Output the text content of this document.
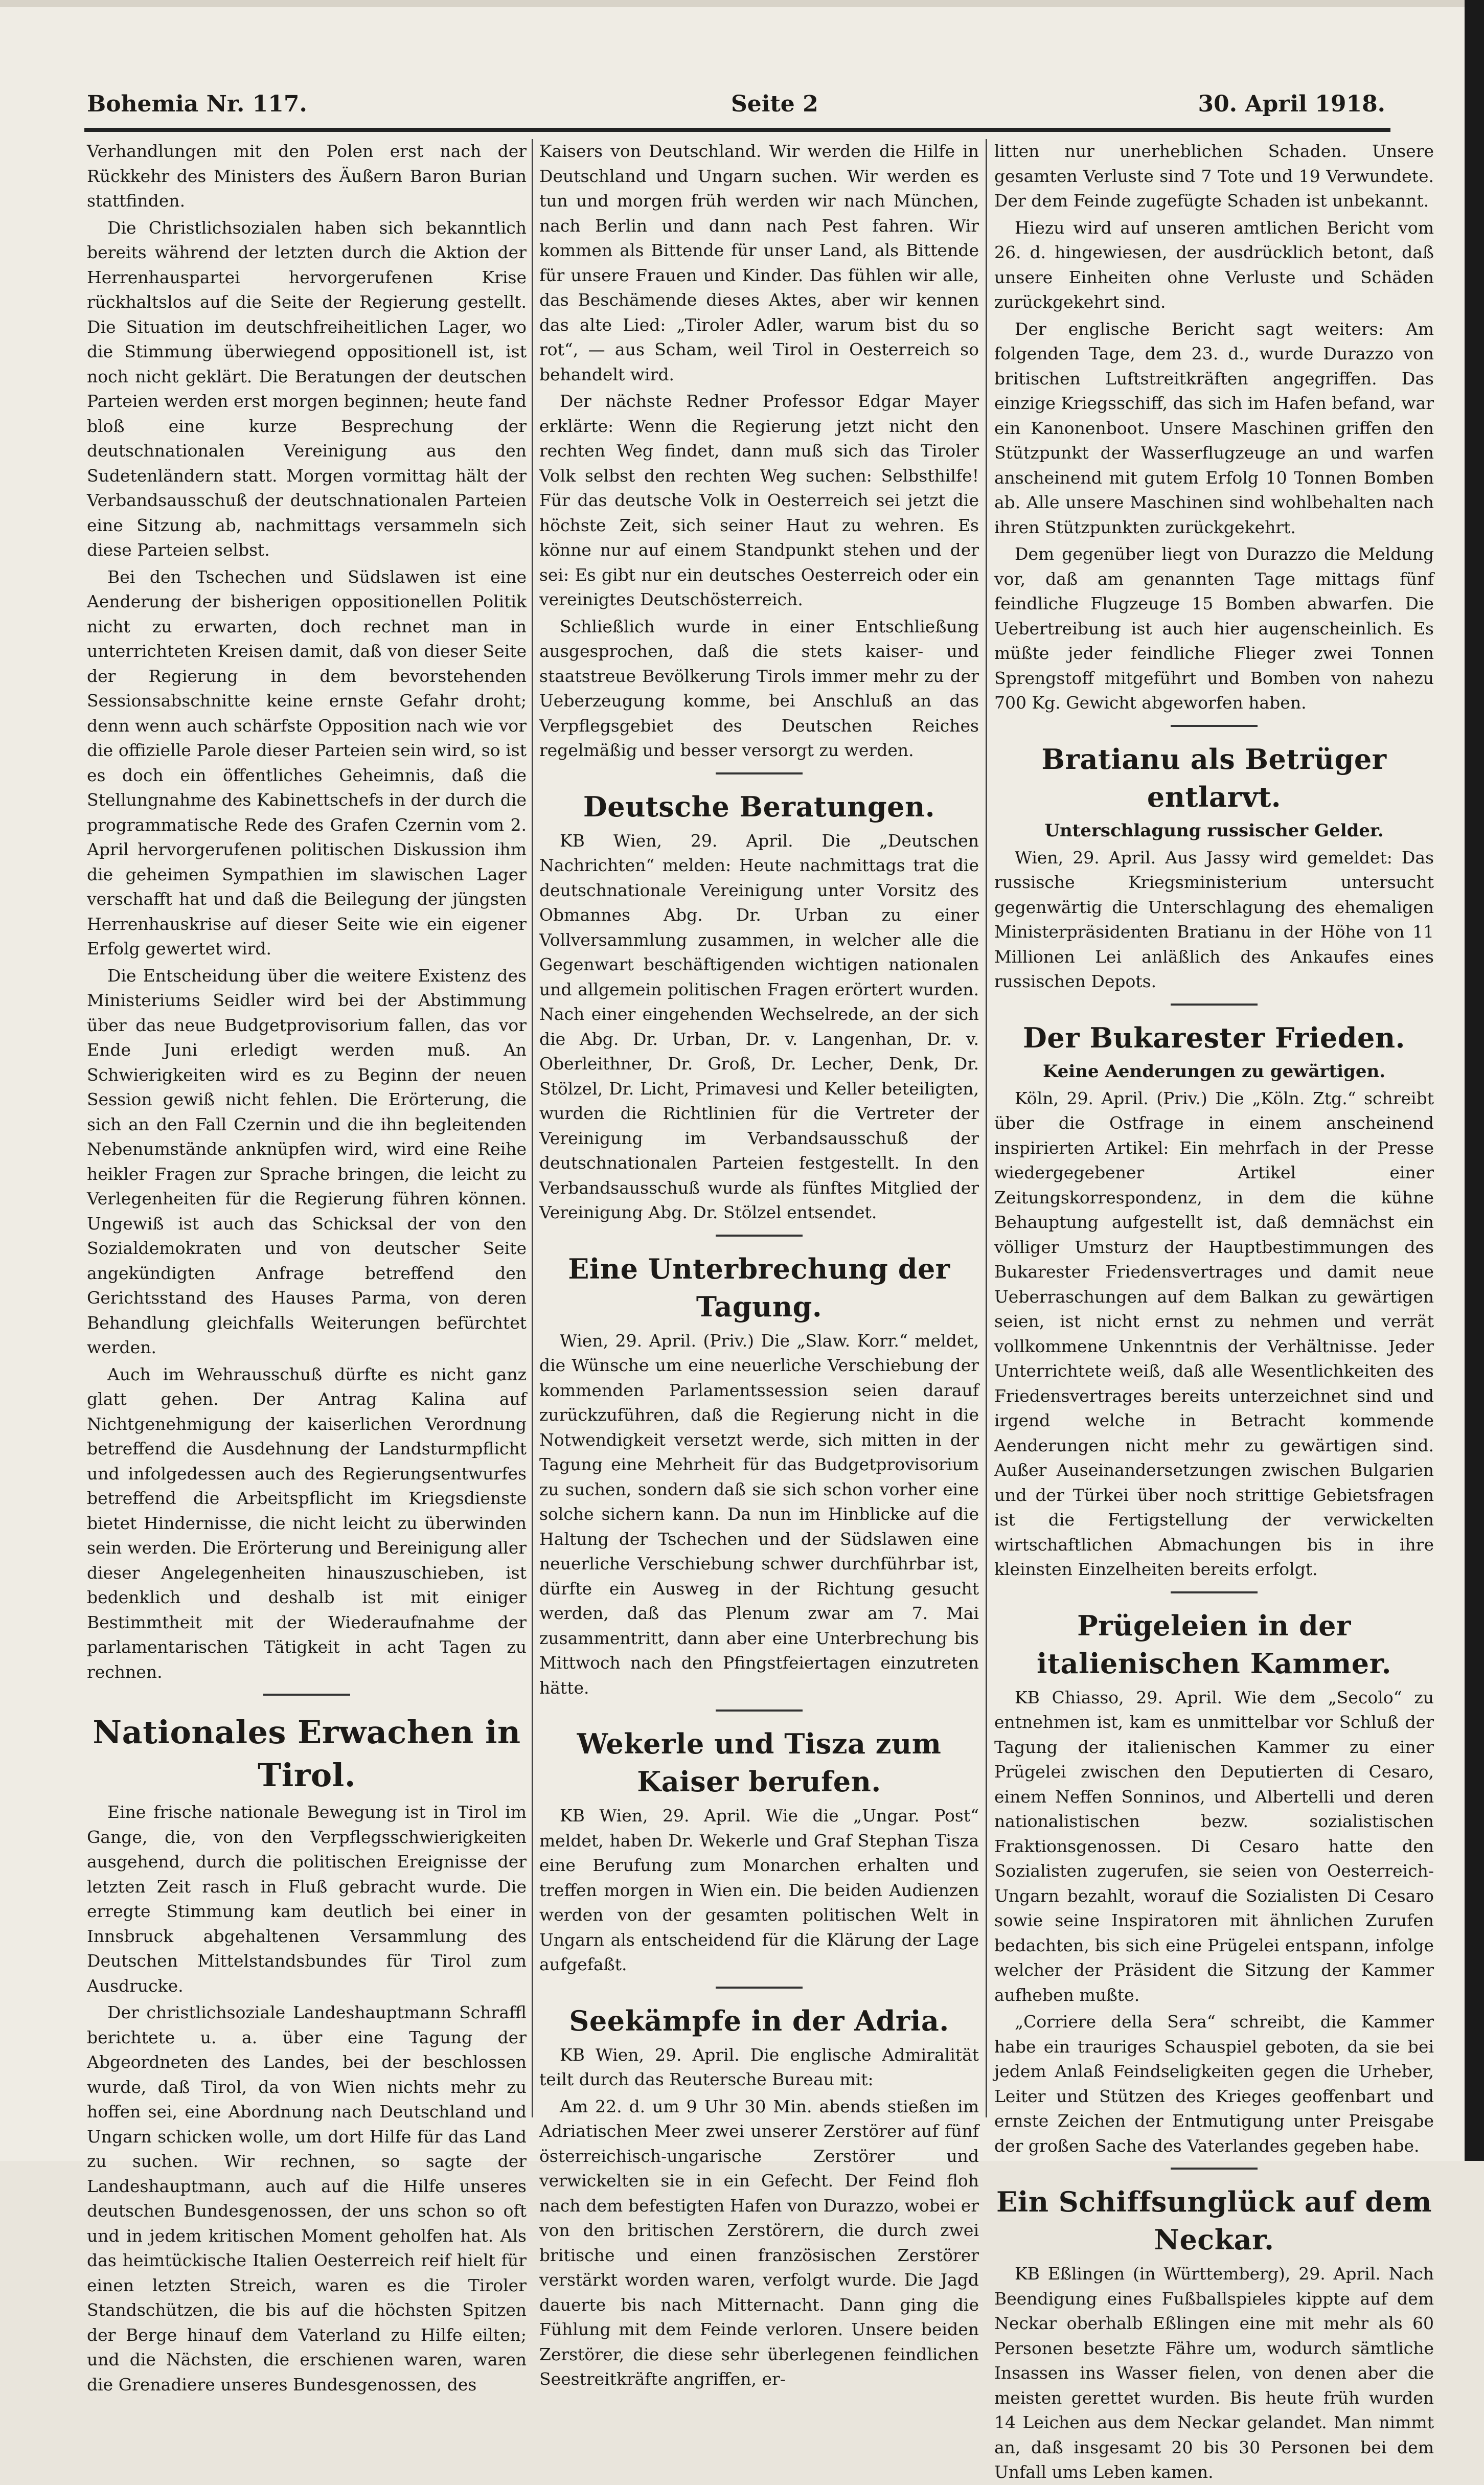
Bohemia Nr. 117.	Seite 2	30. April 1918.

Verhandlungen mit den Polen erst nach der Rückkehr des Ministers des Äußern Baron Burian stattfinden.

Die Christlichsozialen haben sich bekanntlich bereits während der letzten durch die Aktion der Herrenhauspartei hervorgerufenen Krise rückhaltslos auf die Seite der Regierung gestellt. Die Situation im deutschfreiheitlichen Lager, wo die Stimmung überwiegend oppositionell ist, ist noch nicht geklärt. Die Beratungen der deutschen Parteien werden erst morgen beginnen; heute fand bloß eine kurze Besprechung der deutschnationalen Vereinigung aus den Sudetenländern statt. Morgen vormittag hält der Verbandsausschuß der deutschnationalen Parteien eine Sitzung ab, nachmittags versammeln sich diese Parteien selbst.

Bei den Tschechen und Südslawen ist eine Aenderung der bisherigen oppositionellen Politik nicht zu erwarten, doch rechnet man in unterrichteten Kreisen damit, daß von dieser Seite der Regierung in dem bevorstehenden Sessionsabschnitte keine ernste Gefahr droht; denn wenn auch schärfste Opposition nach wie vor die offizielle Parole dieser Parteien sein wird, so ist es doch ein öffentliches Geheimnis, daß die Stellungnahme des Kabinettschefs in der durch die programmatische Rede des Grafen Czernin vom 2. April hervorgerufenen politischen Diskussion ihm die geheimen Sympathien im slawischen Lager verschafft hat und daß die Beilegung der jüngsten Herrenhauskrise auf dieser Seite wie ein eigener Erfolg gewertet wird.

Die Entscheidung über die weitere Existenz des Ministeriums Seidler wird bei der Abstimmung über das neue Budgetprovisorium fallen, das vor Ende Juni erledigt werden muß. An Schwierigkeiten wird es zu Beginn der neuen Session gewiß nicht fehlen. Die Erörterung, die sich an den Fall Czernin und die ihn begleitenden Nebenumstände anknüpfen wird, wird eine Reihe heikler Fragen zur Sprache bringen, die leicht zu Verlegenheiten für die Regierung führen können. Ungewiß ist auch das Schicksal der von den Sozialdemokraten und von deutscher Seite angekündigten Anfrage betreffend den Gerichtsstand des Hauses Parma, von deren Behandlung gleichfalls Weiterungen befürchtet werden.

Auch im Wehrausschuß dürfte es nicht ganz glatt gehen. Der Antrag Kalina auf Nichtgenehmigung der kaiserlichen Verordnung betreffend die Ausdehnung der Landsturmpflicht und infolgedessen auch des Regierungsentwurfes betreffend die Arbeitspflicht im Kriegsdienste bietet Hindernisse, die nicht leicht zu überwinden sein werden. Die Erörterung und Bereinigung aller dieser Angelegenheiten hinauszuschieben, ist bedenklich und deshalb ist mit einiger Bestimmtheit mit der Wiederaufnahme der parlamentarischen Tätigkeit in acht Tagen zu rechnen.

Nationales Erwachen in Tirol.

Eine frische nationale Bewegung ist in Tirol im Gange, die, von den Verpflegsschwierigkeiten ausgehend, durch die politischen Ereignisse der letzten Zeit rasch in Fluß gebracht wurde. Die erregte Stimmung kam deutlich bei einer in Innsbruck abgehaltenen Versammlung des Deutschen Mittelstandsbundes für Tirol zum Ausdrucke.

Der christlichsoziale Landeshauptmann Schraffl berichtete u. a. über eine Tagung der Abgeordneten des Landes, bei der beschlossen wurde, daß Tirol, da von Wien nichts mehr zu hoffen sei, eine Abordnung nach Deutschland und Ungarn schicken wolle, um dort Hilfe für das Land zu suchen. Wir rechnen, so sagte der Landeshauptmann, auch auf die Hilfe unseres deutschen Bundesgenossen, der uns schon so oft und in jedem kritischen Moment geholfen hat. Als das heimtückische Italien Oesterreich reif hielt für einen letzten Streich, waren es die Tiroler Standschützen, die bis auf die höchsten Spitzen der Berge hinauf dem Vaterland zu Hilfe eilten; und die Nächsten, die erschienen waren, waren die Grenadiere unseres Bundesgenossen, des

Kaisers von Deutschland. Wir werden die Hilfe in Deutschland und Ungarn suchen. Wir werden es tun und morgen früh werden wir nach München, nach Berlin und dann nach Pest fahren. Wir kommen als Bittende für unser Land, als Bittende für unsere Frauen und Kinder. Das fühlen wir alle, das Beschämende dieses Aktes, aber wir kennen das alte Lied: „Tiroler Adler, warum bist du so rot“, — aus Scham, weil Tirol in Oesterreich so behandelt wird.

Der nächste Redner Professor Edgar Mayer erklärte: Wenn die Regierung jetzt nicht den rechten Weg findet, dann muß sich das Tiroler Volk selbst den rechten Weg suchen: Selbsthilfe! Für das deutsche Volk in Oesterreich sei jetzt die höchste Zeit, sich seiner Haut zu wehren. Es könne nur auf einem Standpunkt stehen und der sei: Es gibt nur ein deutsches Oesterreich oder ein vereinigtes Deutschösterreich.

Schließlich wurde in einer Entschließung ausgesprochen, daß die stets kaiser- und staatstreue Bevölkerung Tirols immer mehr zu der Ueberzeugung komme, bei Anschluß an das Verpflegsgebiet des Deutschen Reiches regelmäßig und besser versorgt zu werden.

Deutsche Beratungen.

KB Wien, 29. April. Die „Deutschen Nachrichten“ melden: Heute nachmittags trat die deutschnationale Vereinigung unter Vorsitz des Obmannes Abg. Dr. Urban zu einer Vollversammlung zusammen, in welcher alle die Gegenwart beschäftigenden wichtigen nationalen und allgemein politischen Fragen erörtert wurden. Nach einer eingehenden Wechselrede, an der sich die Abg. Dr. Urban, Dr. v. Langenhan, Dr. v. Oberleithner, Dr. Groß, Dr. Lecher, Denk, Dr. Stölzel, Dr. Licht, Primavesi und Keller beteiligten, wurden die Richtlinien für die Vertreter der Vereinigung im Verbandsausschuß der deutschnationalen Parteien festgestellt. In den Verbandsausschuß wurde als fünftes Mitglied der Vereinigung Abg. Dr. Stölzel entsendet.

Eine Unterbrechung der Tagung.

Wien, 29. April. (Priv.) Die „Slaw. Korr.“ meldet, die Wünsche um eine neuerliche Verschiebung der kommenden Parlamentssession seien darauf zurückzuführen, daß die Regierung nicht in die Notwendigkeit versetzt werde, sich mitten in der Tagung eine Mehrheit für das Budgetprovisorium zu suchen, sondern daß sie sich schon vorher eine solche sichern kann. Da nun im Hinblicke auf die Haltung der Tschechen und der Südslawen eine neuerliche Verschiebung schwer durchführbar ist, dürfte ein Ausweg in der Richtung gesucht werden, daß das Plenum zwar am 7. Mai zusammentritt, dann aber eine Unterbrechung bis Mittwoch nach den Pfingstfeiertagen einzutreten hätte.

Wekerle und Tisza zum Kaiser berufen.

KB Wien, 29. April. Wie die „Ungar. Post“ meldet, haben Dr. Wekerle und Graf Stephan Tisza eine Berufung zum Monarchen erhalten und treffen morgen in Wien ein. Die beiden Audienzen werden von der gesamten politischen Welt in Ungarn als entscheidend für die Klärung der Lage aufgefaßt.

Seekämpfe in der Adria.

KB Wien, 29. April. Die englische Admiralität teilt durch das Reutersche Bureau mit:

Am 22. d. um 9 Uhr 30 Min. abends stießen im Adriatischen Meer zwei unserer Zerstörer auf fünf österreichisch-ungarische Zerstörer und verwickelten sie in ein Gefecht. Der Feind floh nach dem befestigten Hafen von Durazzo, wobei er von den britischen Zerstörern, die durch zwei britische und einen französischen Zerstörer verstärkt worden waren, verfolgt wurde. Die Jagd dauerte bis nach Mitternacht. Dann ging die Fühlung mit dem Feinde verloren. Unsere beiden Zerstörer, die diese sehr überlegenen feindlichen Seestreitkräfte angriffen, er-

litten nur unerheblichen Schaden. Unsere gesamten Verluste sind 7 Tote und 19 Verwundete. Der dem Feinde zugefügte Schaden ist unbekannt.

Hiezu wird auf unseren amtlichen Bericht vom 26. d. hingewiesen, der ausdrücklich betont, daß unsere Einheiten ohne Verluste und Schäden zurückgekehrt sind.

Der englische Bericht sagt weiters: Am folgenden Tage, dem 23. d., wurde Durazzo von britischen Luftstreitkräften angegriffen. Das einzige Kriegsschiff, das sich im Hafen befand, war ein Kanonenboot. Unsere Maschinen griffen den Stützpunkt der Wasserflugzeuge an und warfen anscheinend mit gutem Erfolg 10 Tonnen Bomben ab. Alle unsere Maschinen sind wohlbehalten nach ihren Stützpunkten zurückgekehrt.

Dem gegenüber liegt von Durazzo die Meldung vor, daß am genannten Tage mittags fünf feindliche Flugzeuge 15 Bomben abwarfen. Die Uebertreibung ist auch hier augenscheinlich. Es müßte jeder feindliche Flieger zwei Tonnen Sprengstoff mitgeführt und Bomben von nahezu 700 Kg. Gewicht abgeworfen haben.

Bratianu als Betrüger entlarvt.
Unterschlagung russischer Gelder.

Wien, 29. April. Aus Jassy wird gemeldet: Das russische Kriegsministerium untersucht gegenwärtig die Unterschlagung des ehemaligen Ministerpräsidenten Bratianu in der Höhe von 11 Millionen Lei anläßlich des Ankaufes eines russischen Depots.

Der Bukarester Frieden.
Keine Aenderungen zu gewärtigen.

Köln, 29. April. (Priv.) Die „Köln. Ztg.“ schreibt über die Ostfrage in einem anscheinend inspirierten Artikel: Ein mehrfach in der Presse wiedergegebener Artikel einer Zeitungskorrespondenz, in dem die kühne Behauptung aufgestellt ist, daß demnächst ein völliger Umsturz der Hauptbestimmungen des Bukarester Friedensvertrages und damit neue Ueberraschungen auf dem Balkan zu gewärtigen seien, ist nicht ernst zu nehmen und verrät vollkommene Unkenntnis der Verhältnisse. Jeder Unterrichtete weiß, daß alle Wesentlichkeiten des Friedensvertrages bereits unterzeichnet sind und irgend welche in Betracht kommende Aenderungen nicht mehr zu gewärtigen sind. Außer Auseinandersetzungen zwischen Bulgarien und der Türkei über noch strittige Gebietsfragen ist die Fertigstellung der verwickelten wirtschaftlichen Abmachungen bis in ihre kleinsten Einzelheiten bereits erfolgt.

Prügeleien in der italienischen Kammer.

KB Chiasso, 29. April. Wie dem „Secolo“ zu entnehmen ist, kam es unmittelbar vor Schluß der Tagung der italienischen Kammer zu einer Prügelei zwischen den Deputierten di Cesaro, einem Neffen Sonninos, und Albertelli und deren nationalistischen bezw. sozialistischen Fraktionsgenossen. Di Cesaro hatte den Sozialisten zugerufen, sie seien von Oesterreich-Ungarn bezahlt, worauf die Sozialisten Di Cesaro sowie seine Inspiratoren mit ähnlichen Zurufen bedachten, bis sich eine Prügelei entspann, infolge welcher der Präsident die Sitzung der Kammer aufheben mußte.

„Corriere della Sera“ schreibt, die Kammer habe ein trauriges Schauspiel geboten, da sie bei jedem Anlaß Feindseligkeiten gegen die Urheber, Leiter und Stützen des Krieges geoffenbart und ernste Zeichen der Entmutigung unter Preisgabe der großen Sache des Vaterlandes gegeben habe.

Ein Schiffsunglück auf dem Neckar.

KB Eßlingen (in Württemberg), 29. April. Nach Beendigung eines Fußballspieles kippte auf dem Neckar oberhalb Eßlingen eine mit mehr als 60 Personen besetzte Fähre um, wodurch sämtliche Insassen ins Wasser fielen, von denen aber die meisten gerettet wurden. Bis heute früh wurden 14 Leichen aus dem Neckar gelandet. Man nimmt an, daß insgesamt 20 bis 30 Personen bei dem Unfall ums Leben kamen.
